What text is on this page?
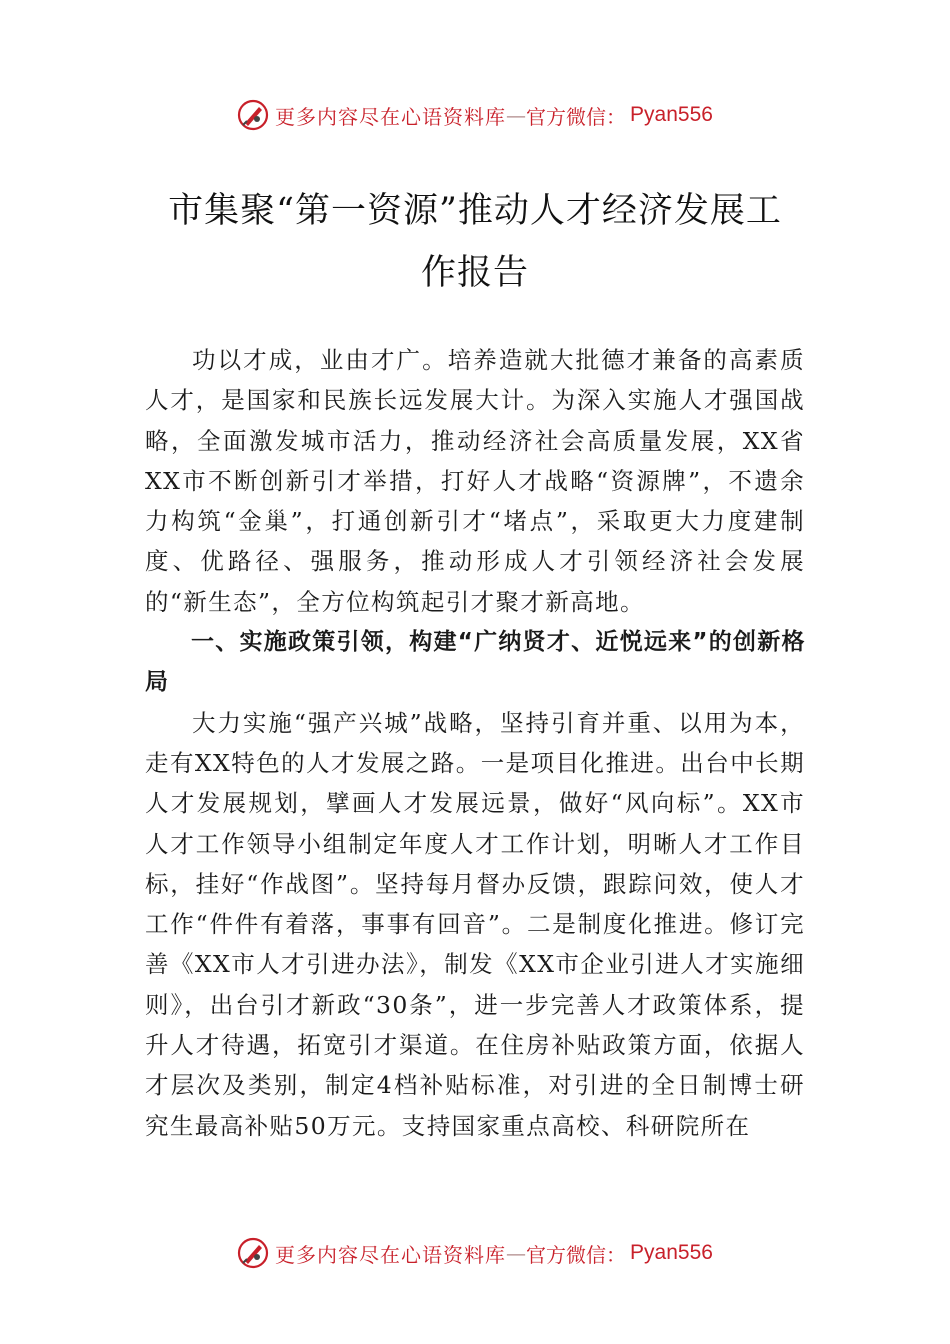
更多内容尽在心语资料库 — 官方微信： Pyan556
市集聚“第一资源”推动人才经济发展工
作报告

功以才成，业由才广。培养造就大批德才兼备的高素质人才，是国家和民族长远发展大计。为深入实施人才强国战略，全面激发城市活力，推动经济社会高质量发展，XX省XX市不断创新引才举措，打好人才战略“资源牌”，不遗余力构筑“金巢”，打通创新引才“堵点”，采取更大力度建制度、优路径、强服务，推动形成人才引领经济社会发展的“新生态”，全方位构筑起引才聚才新高地。

一、实施政策引领，构建“广纳贤才、近悦远来”的创新格局

大力实施“强产兴城”战略，坚持引育并重、以用为本，走有XX特色的人才发展之路。一是项目化推进。出台中长期人才发展规划，擘画人才发展远景，做好“风向标”。XX市人才工作领导小组制定年度人才工作计划，明晰人才工作目标，挂好“作战图”。坚持每月督办反馈，跟踪问效，使人才工作“件件有着落，事事有回音”。二是制度化推进。修订完善《XX市人才引进办法》，制发《XX市企业引进人才实施细则》，出台引才新政“30条”，进一步完善人才政策体系，提升人才待遇，拓宽引才渠道。在住房补贴政策方面，依据人才层次及类别，制定4档补贴标准，对引进的全日制博士研究生最高补贴50万元。支持国家重点高校、科研院所在

更多内容尽在心语资料库 — 官方微信： Pyan556
